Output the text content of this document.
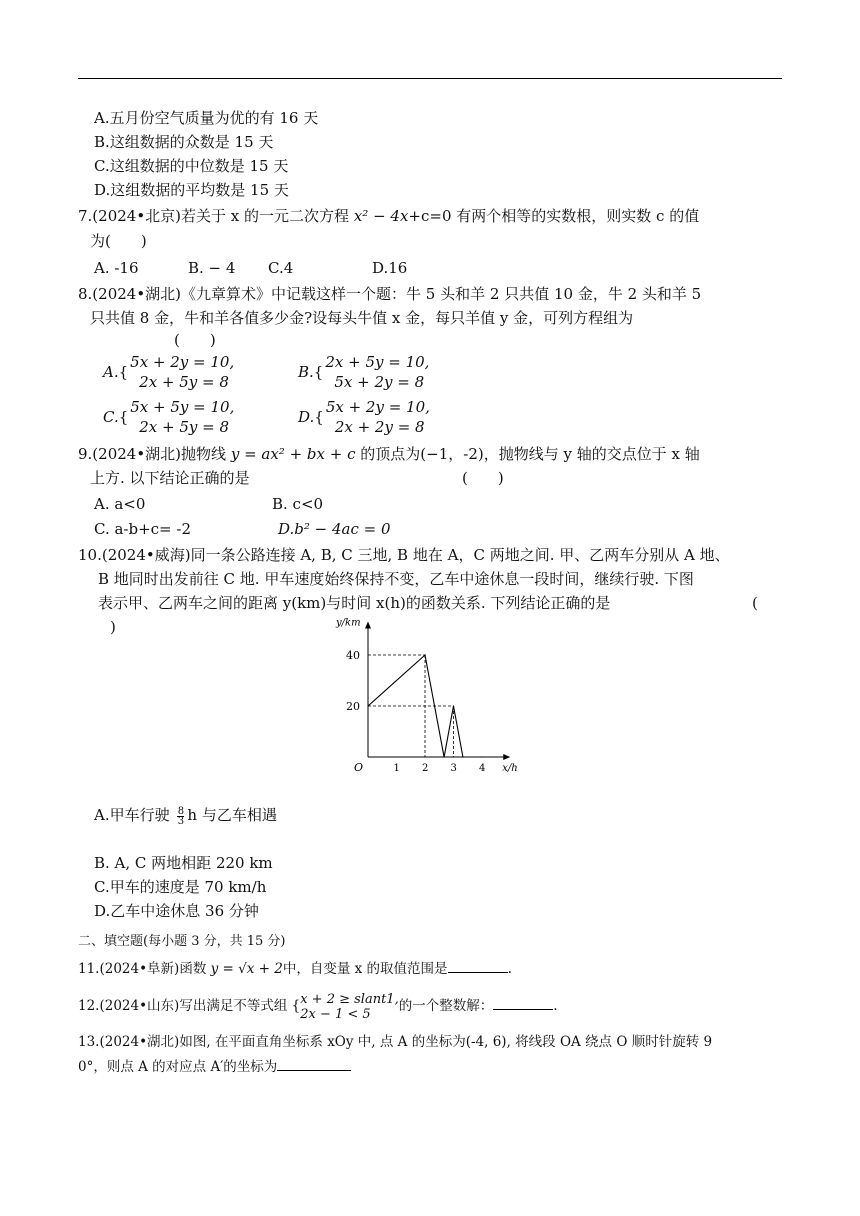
A.五月份空气质量为优的有 16 天
B.这组数据的众数是 15 天
C.这组数据的中位数是 15 天
D.这组数据的平均数是 15 天
7.(2024•北京)若关于 x 的一元二次方程 x² − 4x+c=0 有两个相等的实数根，则实数 c 的值
为(　　)
A. -16	B. − 4 C.4	D.16
8.(2024•湖北)《九章算术》中记载这样一个题：牛 5 头和羊 2 只共值 10 金，牛 2 头和羊 5
只共值 8 金，牛和羊各值多少金?设每头牛值 x 金，每只羊值 y 金，可列方程组为
(　　)
A. {
5x + 2y = 10,
2x + 5y = 8
B. {
2x + 5y = 10,
5x + 2y = 8
C. {
5x + 5y = 10,
2x + 5y = 8
D. {
5x + 2y = 10,
2x + 2y = 8
9.(2024•湖北)抛物线 y = ax² + bx + c 的顶点为(−1，-2)，抛物线与 y 轴的交点位于 x 轴
上方. 以下结论正确的是	(　　)
A. a<0	B. c<0
C. a-b+c= -2	D.b² − 4ac = 0
10.(2024•威海)同一条公路连接 A, B, C 三地, B 地在 A，C 两地之间. 甲、乙两车分别从 A 地、
B 地同时出发前往 C 地. 甲车速度始终保持不变，乙车中途休息一段时间，继续行驶. 下图
表示甲、乙两车之间的距离 y(km)与时间 x(h)的函数关系. 下列结论正确的是	(
)	y/km
x/h
O	1 2 3 4
20
40
A.甲车行驶 $\frac{8}{3}$ h 与乙车相遇
B. A, C 两地相距 220 km
C.甲车的速度是 70 km/h
D.乙车中途休息 36 分钟
二、填空题(每小题 3 分，共 15 分)
11.(2024•阜新)函数 y = √x + 2中，自变量 x 的取值范围是	.
12.(2024•山东)写出满足不等式组 { x + 2 ≥ slant1,
2x − 1 < 5	的一个整数解：	.
13.(2024•湖北)如图, 在平面直角坐标系 xOy 中, 点 A 的坐标为(-4, 6), 将线段 OA 绕点 O 顺时针旋转 9
0°，则点 A 的对应点 A′的坐标为
